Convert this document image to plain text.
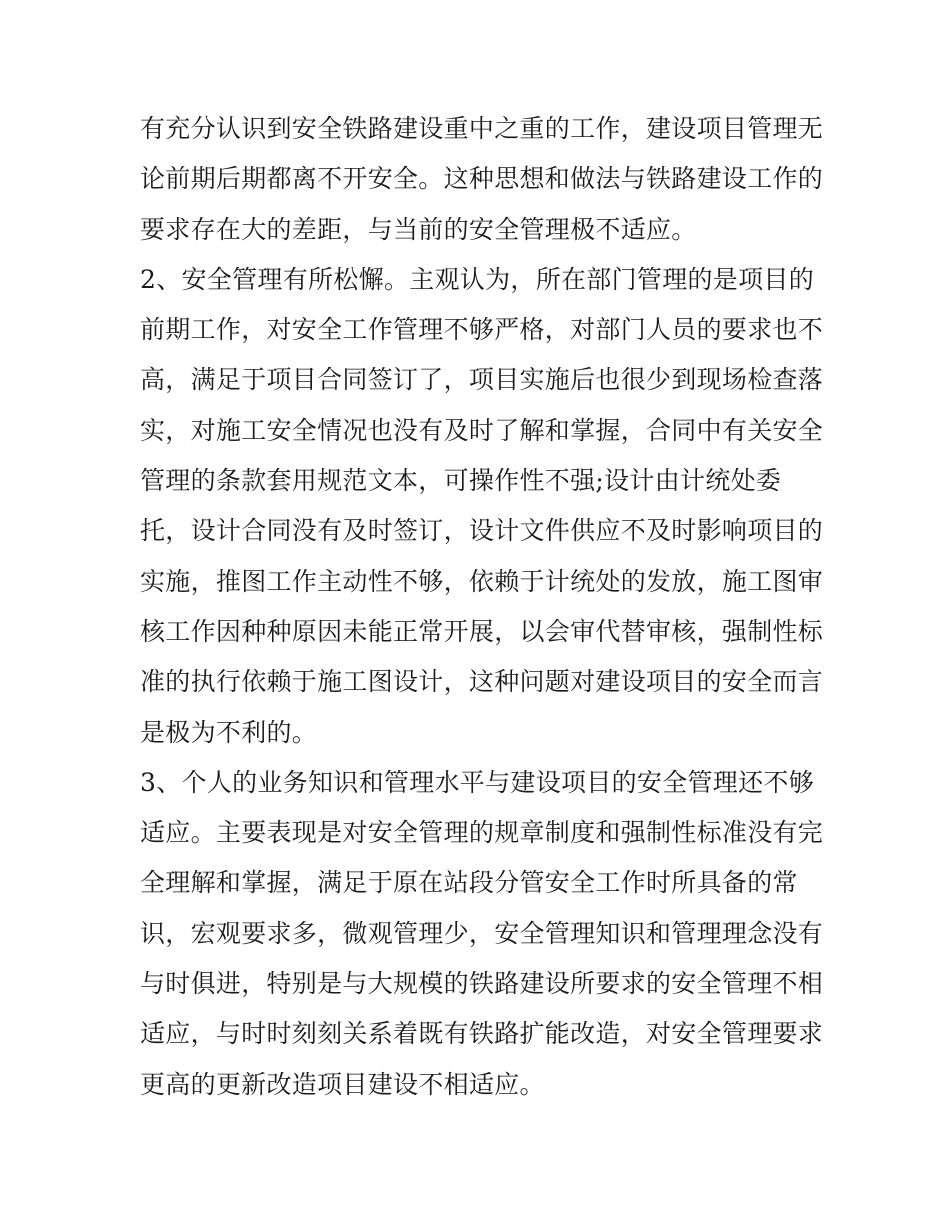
有充分认识到安全铁路建设重中之重的工作，建设项目管理无
论前期后期都离不开安全。这种思想和做法与铁路建设工作的
要求存在大的差距，与当前的安全管理极不适应。
2、安全管理有所松懈。主观认为，所在部门管理的是项目的
前期工作，对安全工作管理不够严格，对部门人员的要求也不
高，满足于项目合同签订了，项目实施后也很少到现场检查落
实，对施工安全情况也没有及时了解和掌握，合同中有关安全
管理的条款套用规范文本，可操作性不强;设计由计统处委
托，设计合同没有及时签订，设计文件供应不及时影响项目的
实施，推图工作主动性不够，依赖于计统处的发放，施工图审
核工作因种种原因未能正常开展，以会审代替审核，强制性标
准的执行依赖于施工图设计，这种问题对建设项目的安全而言
是极为不利的。
3、个人的业务知识和管理水平与建设项目的安全管理还不够
适应。主要表现是对安全管理的规章制度和强制性标准没有完
全理解和掌握，满足于原在站段分管安全工作时所具备的常
识，宏观要求多，微观管理少，安全管理知识和管理理念没有
与时俱进，特别是与大规模的铁路建设所要求的安全管理不相
适应，与时时刻刻关系着既有铁路扩能改造，对安全管理要求
更高的更新改造项目建设不相适应。
